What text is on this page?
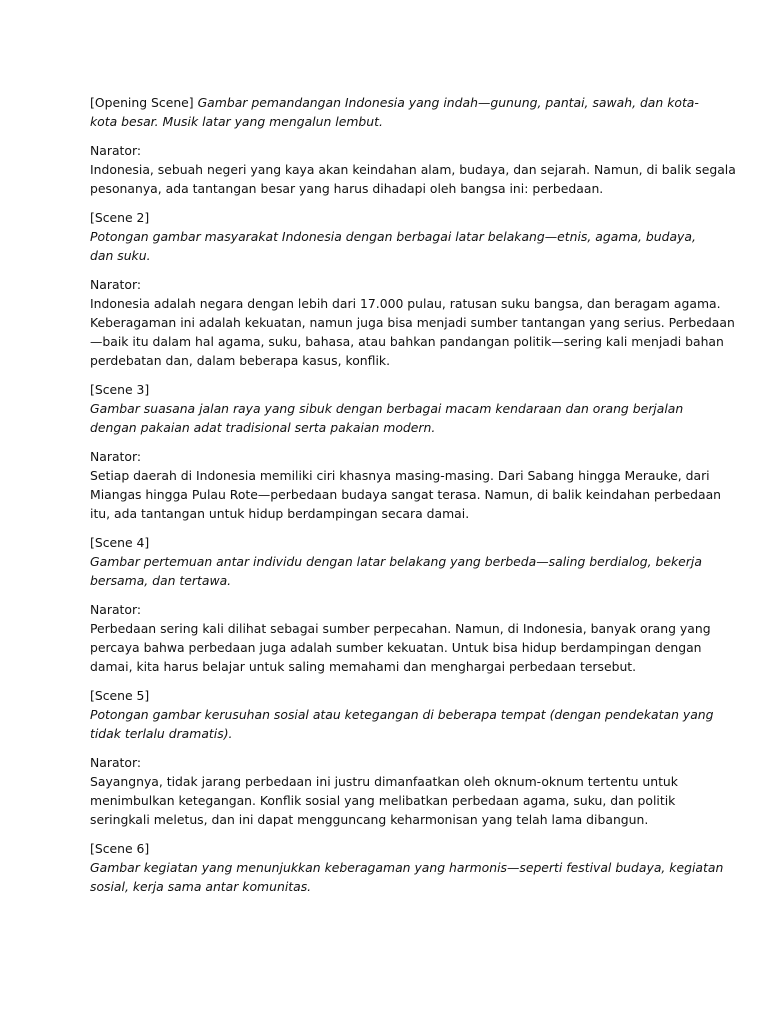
[Opening Scene] Gambar pemandangan Indonesia yang indah—gunung, pantai, sawah, dan kota-
kota besar. Musik latar yang mengalun lembut.
Narator:
Indonesia, sebuah negeri yang kaya akan keindahan alam, budaya, dan sejarah. Namun, di balik segala
pesonanya, ada tantangan besar yang harus dihadapi oleh bangsa ini: perbedaan.
[Scene 2]
Potongan gambar masyarakat Indonesia dengan berbagai latar belakang—etnis, agama, budaya,
dan suku.
Narator:
Indonesia adalah negara dengan lebih dari 17.000 pulau, ratusan suku bangsa, dan beragam agama.
Keberagaman ini adalah kekuatan, namun juga bisa menjadi sumber tantangan yang serius. Perbedaan
—baik itu dalam hal agama, suku, bahasa, atau bahkan pandangan politik—sering kali menjadi bahan
perdebatan dan, dalam beberapa kasus, konflik.
[Scene 3]
Gambar suasana jalan raya yang sibuk dengan berbagai macam kendaraan dan orang berjalan
dengan pakaian adat tradisional serta pakaian modern.
Narator:
Setiap daerah di Indonesia memiliki ciri khasnya masing-masing. Dari Sabang hingga Merauke, dari
Miangas hingga Pulau Rote—perbedaan budaya sangat terasa. Namun, di balik keindahan perbedaan
itu, ada tantangan untuk hidup berdampingan secara damai.
[Scene 4]
Gambar pertemuan antar individu dengan latar belakang yang berbeda—saling berdialog, bekerja
bersama, dan tertawa.
Narator:
Perbedaan sering kali dilihat sebagai sumber perpecahan. Namun, di Indonesia, banyak orang yang
percaya bahwa perbedaan juga adalah sumber kekuatan. Untuk bisa hidup berdampingan dengan
damai, kita harus belajar untuk saling memahami dan menghargai perbedaan tersebut.
[Scene 5]
Potongan gambar kerusuhan sosial atau ketegangan di beberapa tempat (dengan pendekatan yang
tidak terlalu dramatis).
Narator:
Sayangnya, tidak jarang perbedaan ini justru dimanfaatkan oleh oknum-oknum tertentu untuk
menimbulkan ketegangan. Konflik sosial yang melibatkan perbedaan agama, suku, dan politik
seringkali meletus, dan ini dapat mengguncang keharmonisan yang telah lama dibangun.
[Scene 6]
Gambar kegiatan yang menunjukkan keberagaman yang harmonis—seperti festival budaya, kegiatan
sosial, kerja sama antar komunitas.
